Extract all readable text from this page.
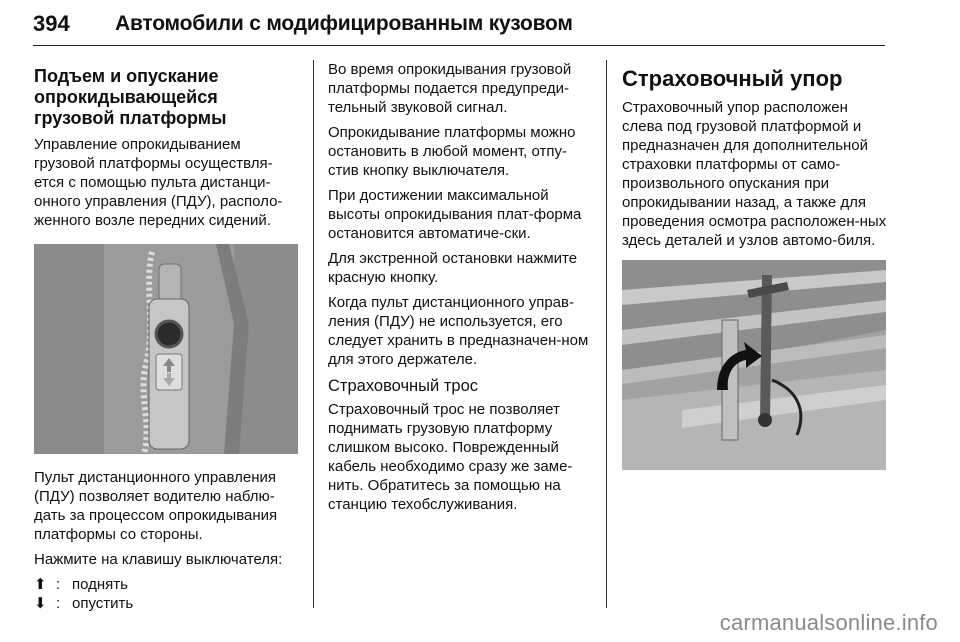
394 Автомобили с модифицированным кузовом
Подъем и опускание опрокидывающейся грузовой платформы

Управление опрокидыванием грузовой платформы осуществля-ется с помощью пульта дистанци-онного управления (ПДУ), располо-женного возле передних сидений.

Пульт дистанционного управления (ПДУ) позволяет водителю наблю-дать за процессом опрокидывания платформы со стороны.

Нажмите на клавишу выключателя:

⬆ : поднять
⬇ : опустить

Во время опрокидывания грузовой платформы подается предупреди-тельный звуковой сигнал.

Опрокидывание платформы можно остановить в любой момент, отпу-стив кнопку выключателя.

При достижении максимальной высоты опрокидывания плат-форма остановится автоматиче-ски.

Для экстренной остановки нажмите красную кнопку.

Когда пульт дистанционного управ-ления (ПДУ) не используется, его следует хранить в предназначен-ном для этого держателе.

Страховочный трос

Страховочный трос не позволяет поднимать грузовую платформу слишком высоко. Поврежденный кабель необходимо сразу же заме-нить. Обратитесь за помощью на станцию техобслуживания.

Страховочный упор

Страховочный упор расположен слева под грузовой платформой и предназначен для дополнительной страховки платформы от само-произвольного опускания при опрокидывании назад, а также для проведения осмотра расположен-ных здесь деталей и узлов автомо-биля.

carmanualsonline.info
